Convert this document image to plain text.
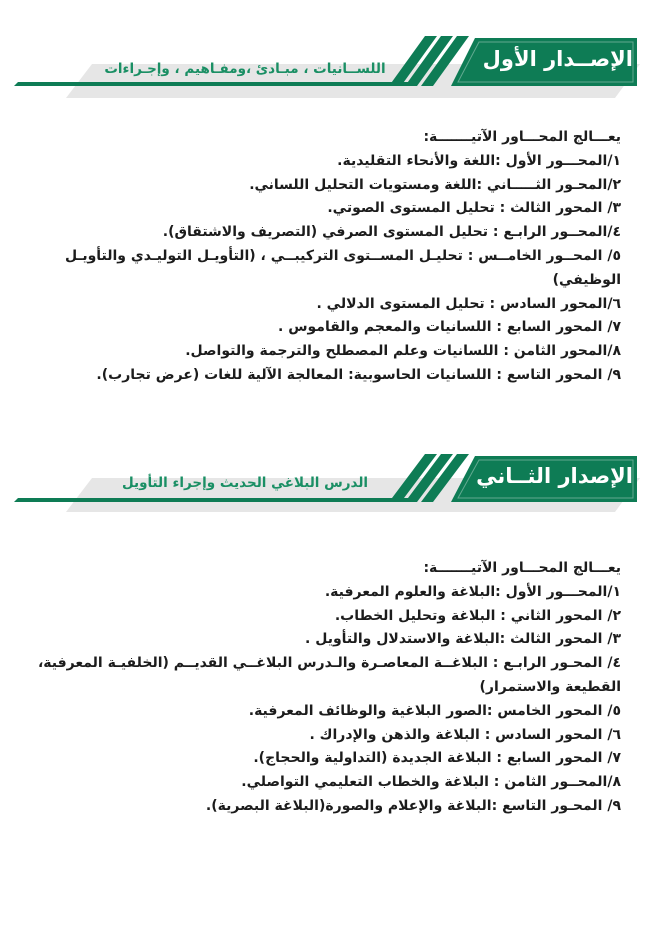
الإصــدار الأول
اللســانيات ، مبـادئ ،ومفـاهيم ، وإجـراءات

يعـــالج المحـــاور الآتيـــــــة:

١/المحـــور الأول :اللغة والأنحاء التقليدية.

٢/المحـور الثـــــاني :اللغة ومستويات التحليل اللساني.

٣/ المحور الثالث : تحليل المستوى الصوتي.

٤/المحــور الرابـع : تحليل المستوى الصرفي (التصريف والاشتقاق).

٥/ المحــور الخامــس : تحليـل المســتوى التركيبــي ، (التأويـل التوليـدي والتأويـل الوظيفي)

٦/المحور السادس : تحليل المستوى الدلالي .

٧/ المحور السابع : اللسانيات والمعجم والقاموس .

٨/المحور الثامن : اللسانيات وعلم المصطلح والترجمة والتواصل.

٩/ المحور التاسع : اللسانيات الحاسوبية: المعالجة الآلية للغات (عرض تجارب).

الإصدار الثــاني
الدرس البلاغي الحديث وإجراء التأويل

يعـــالج المحـــاور الآتيـــــــة:

١/المحـــور الأول :البلاغة والعلوم المعرفية.

٢/ المحور الثاني : البلاغة وتحليل الخطاب.

٣/ المحور الثالث :البلاغة والاستدلال والتأويل .

٤/ المحـور الرابـع : البلاغــة المعاصـرة والـدرس البلاغــي القديــم (الخلفيـة المعرفية، القطيعة والاستمرار)

٥/ المحور الخامس :الصور البلاغية والوظائف المعرفية.

٦/ المحور السادس : البلاغة والذهن والإدراك .

٧/ المحور السابع : البلاغة الجديدة (التداولية والحجاج).

٨/المحــور الثامن : البلاغة والخطاب التعليمي التواصلي.

٩/ المحـور التاسع :البلاغة والإعلام والصورة(البلاغة البصرية).
